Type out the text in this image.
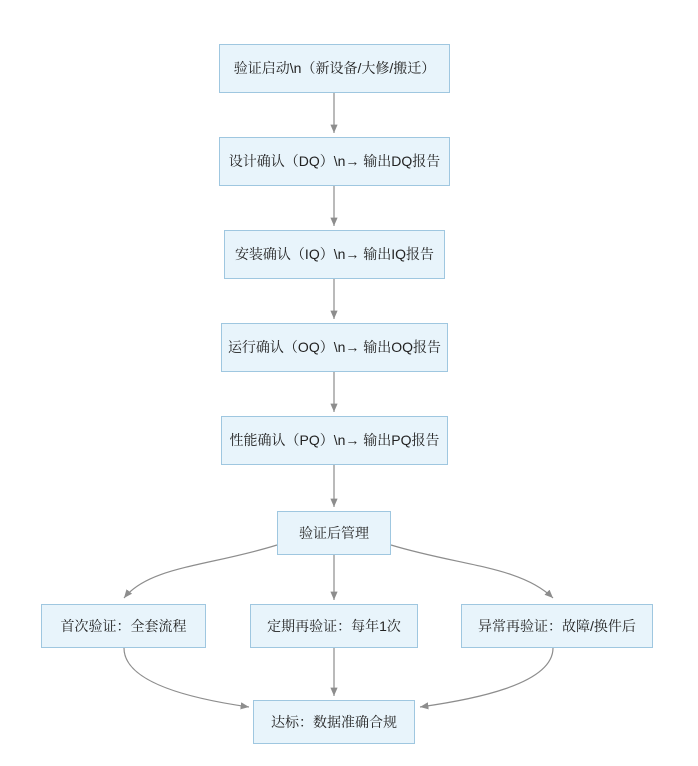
验证启动\n（新设备/大修/搬迁）
设计确认（DQ）\n→ 输出DQ报告
安装确认（IQ）\n→ 输出IQ报告
运行确认（OQ）\n→ 输出OQ报告
性能确认（PQ）\n→ 输出PQ报告
验证后管理
首次验证：全套流程	定期再验证：每年1次	异常再验证：故障/换件后
达标：数据准确合规
